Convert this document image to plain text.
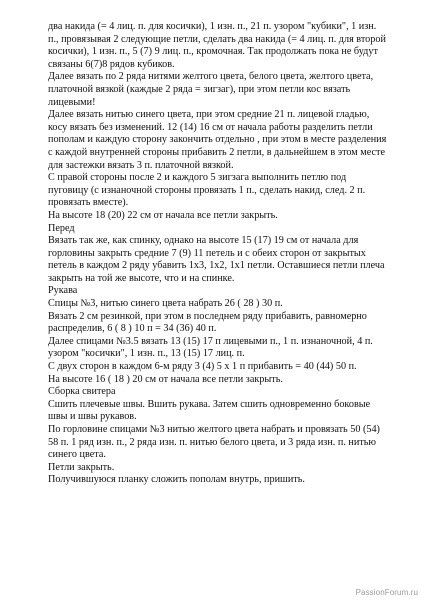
два накида (= 4 лиц. п. для косички), 1 изн. п., 21 п. узором "кубики", 1 изн. п., провязывая 2 следующие петли, сделать два накида (= 4 лиц. п. для второй косички), 1 изн. п., 5 (7) 9 лиц. п., кромочная. Так продолжать пока не будут связаны 6(7)8 рядов кубиков.

Далее вязать по 2 ряда нитями желтого цвета, белого цвета, желтого цвета, платочной вязкой (каждые 2 ряда = зигзаг), при этом петли кос вязать лицевыми!

Далее вязать нитью синего цвета, при этом средние 21 п. лицевой гладью, косу вязать без изменений. 12 (14) 16 см от начала работы разделить петли пополам и каждую сторону закончить отдельно , при этом в месте разделения с каждой внутренней стороны прибавить 2 петли, в дальнейшем в этом месте для застежки вязать 3 п. платочной вязкой.

С правой стороны после 2 и каждого 5 зигзага выполнить петлю под пуговицу (с изнаночной стороны провязать 1 п., сделать накид, след. 2 п. провязать вместе).

На высоте 18 (20) 22 см от начала все петли закрыть.

Перед

Вязать так же, как спинку, однако на высоте 15 (17) 19 см от начала для горловины закрыть средние 7 (9) 11 петель и с обеих сторон от закрытых петель в каждом 2 ряду убавить 1х3, 1х2, 1х1 петли. Оставшиеся петли плеча закрыть на той же высоте, что и на спинке.

Рукава

Спицы №3, нитью синего цвета набрать 26 ( 28 ) 30 п.

Вязать 2 см резинкой, при этом в последнем ряду прибавить, равномерно распределив, 6 ( 8 ) 10 п = 34 (36) 40 п.

Далее спицами №3.5 вязать 13 (15) 17 п лицевыми п., 1 п. изнаночной, 4 п. узором "косички", 1 изн. п., 13 (15) 17 лиц. п.

С двух сторон в каждом 6-м ряду 3 (4) 5 х 1 п прибавить = 40 (44) 50 п.

На высоте 16 ( 18 ) 20 см от начала все петли закрыть.

Сборка свитера

Сшить плечевые швы. Вшить рукава. Затем сшить одновременно боковые швы и швы рукавов.

По горловине спицами №3 нитью желтого цвета набрать и провязать 50 (54) 58 п. 1 ряд изн. п., 2 ряда изн. п. нитью белого цвета, и 3 ряда изн. п. нитью синего цвета.

Петли закрыть.

Получившуюся планку сложить пополам внутрь, пришить.

PassionForum.ru
